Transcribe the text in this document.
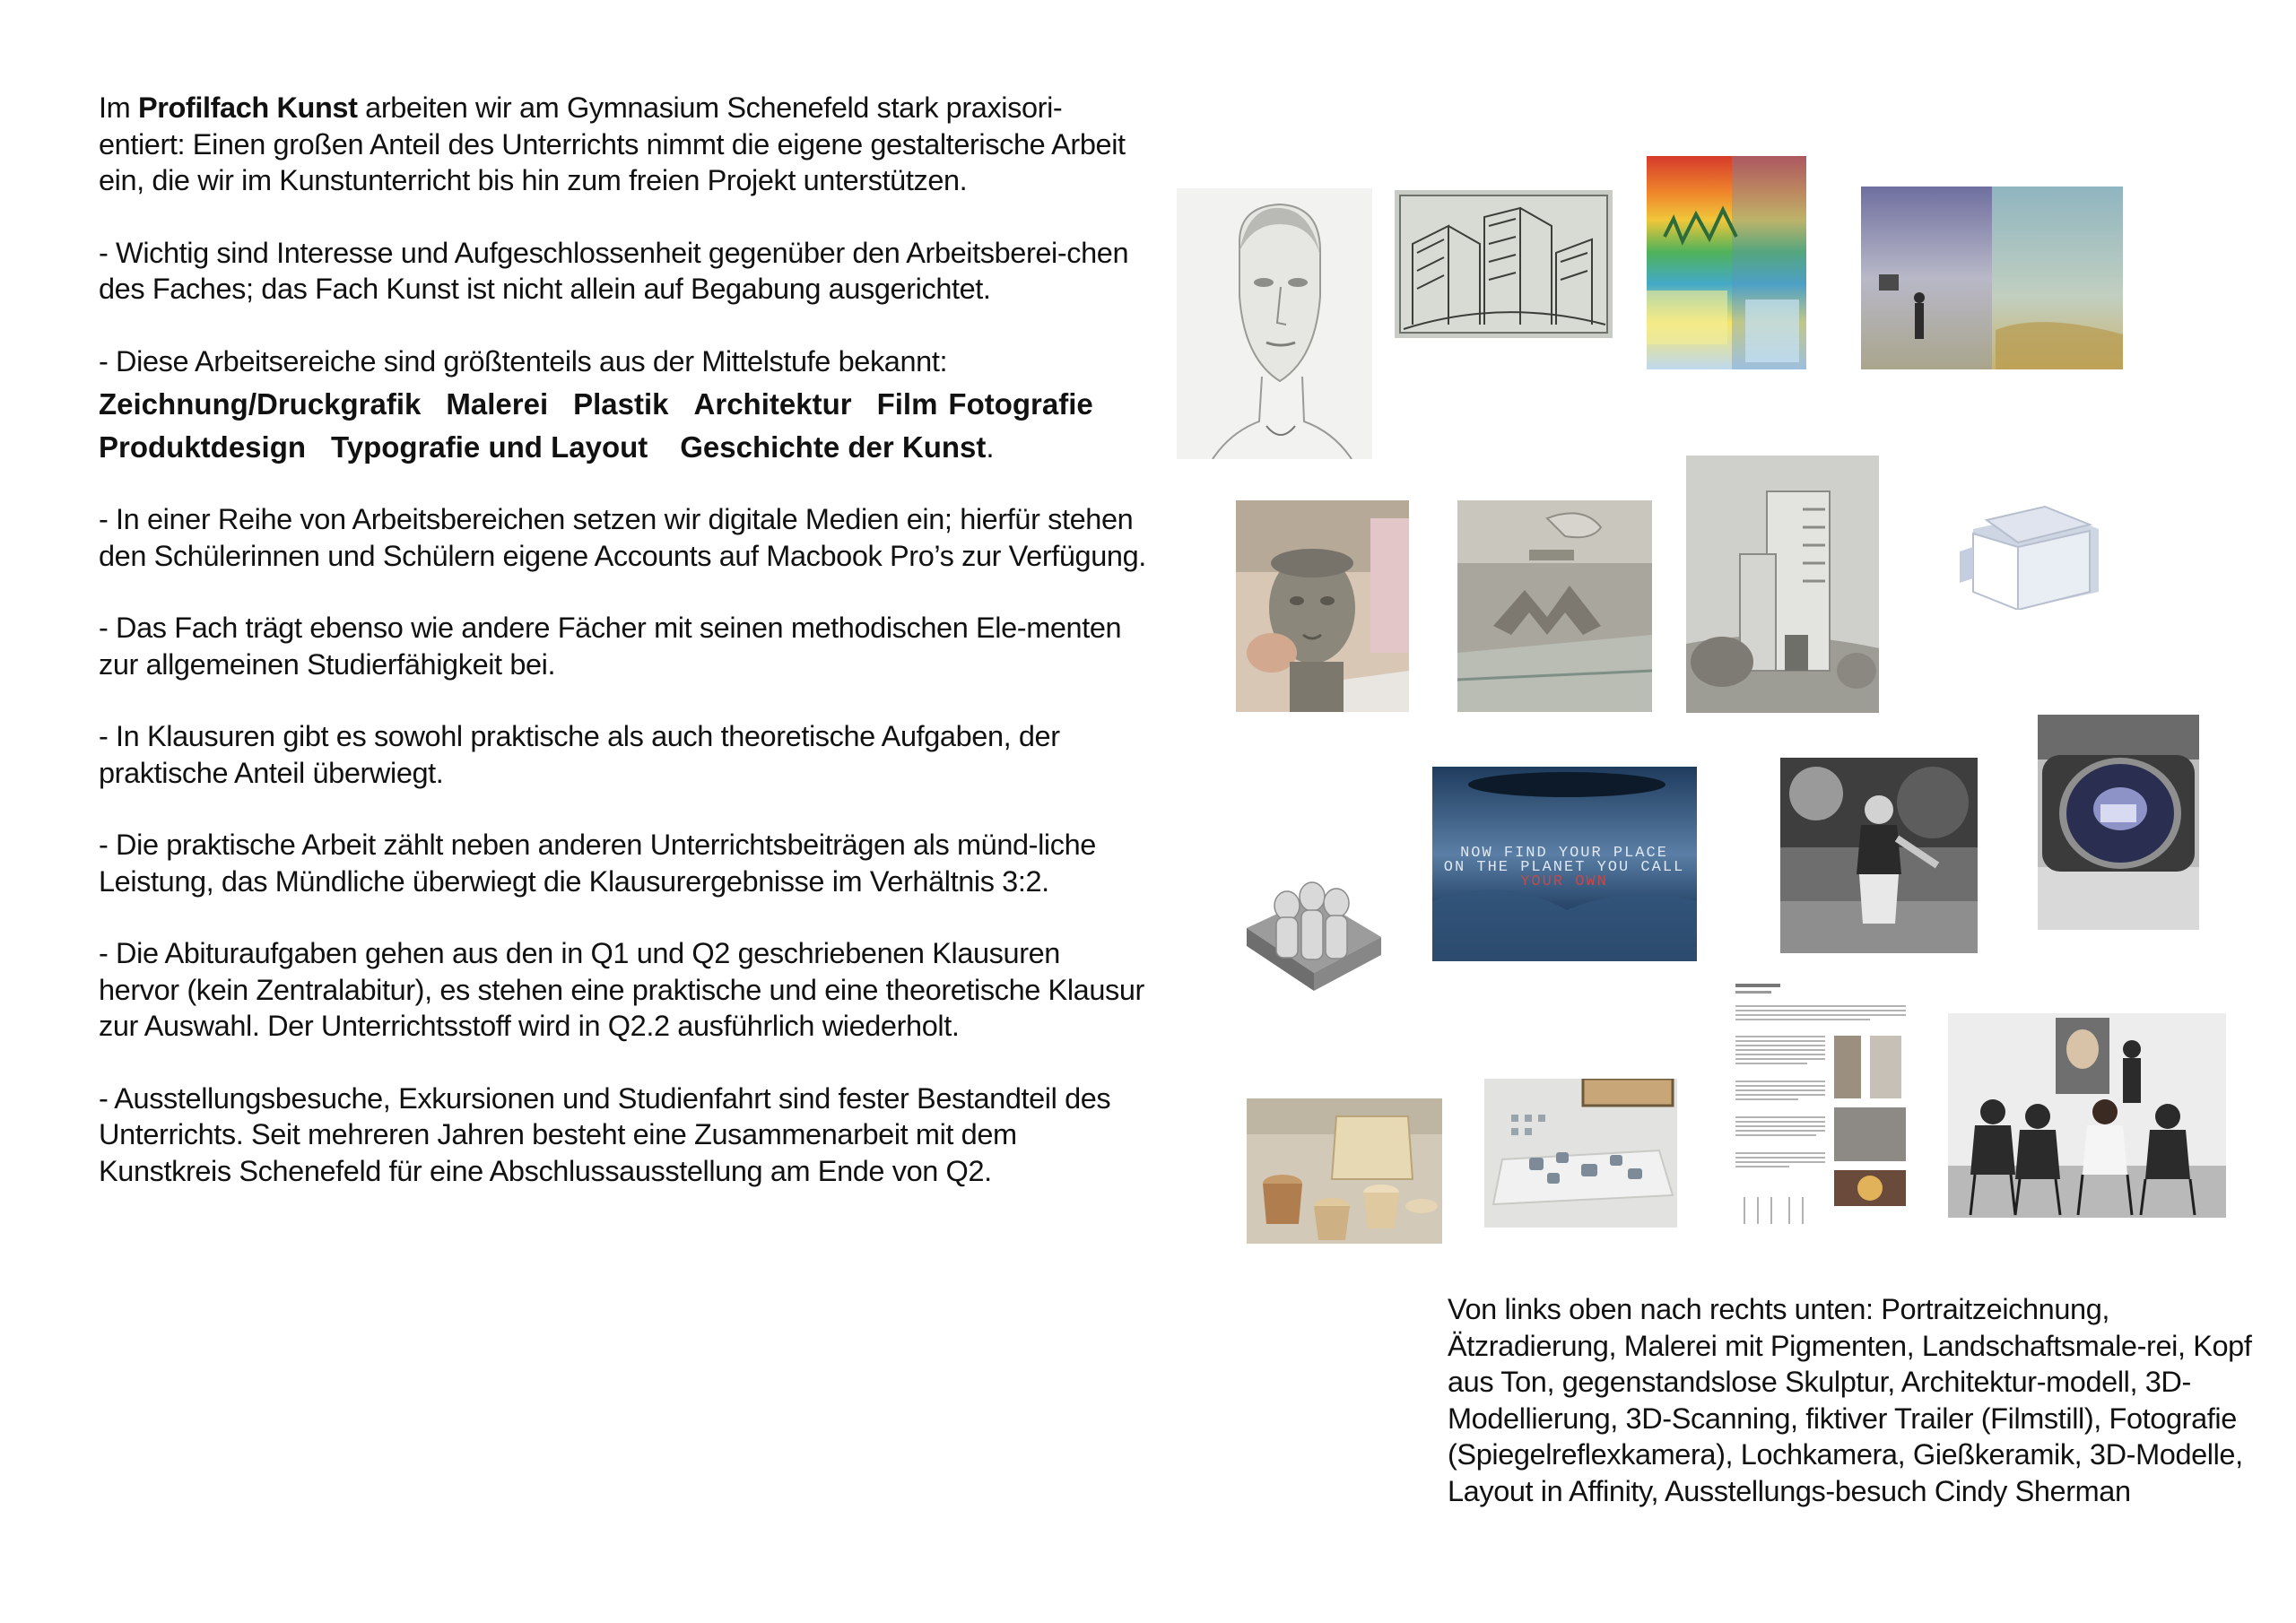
Im Profilfach Kunst arbeiten wir am Gymnasium Schenefeld stark praxisori-entiert: Einen großen Anteil des Unterrichts nimmt die eigene gestalterische Arbeit ein, die wir im Kunstunterricht bis hin zum freien Projekt unterstützen.

- Wichtig sind Interesse und Aufgeschlossenheit gegenüber den Arbeitsberei-chen des Faches; das Fach Kunst ist nicht allein auf Begabung ausgerichtet.

- Diese Arbeitsereiche sind größtenteils aus der Mittelstufe bekannt:

Zeichnung/Druckgrafik Malerei Plastik Architektur Film Fotografie
Produktdesign Typografie und Layout Geschichte der Kunst.

- In einer Reihe von Arbeitsbereichen setzen wir digitale Medien ein; hierfür stehen den Schülerinnen und Schülern eigene Accounts auf Macbook Pro’s zur Verfügung.

- Das Fach trägt ebenso wie andere Fächer mit seinen methodischen Ele-menten zur allgemeinen Studierfähigkeit bei.

- In Klausuren gibt es sowohl praktische als auch theoretische Aufgaben, der praktische Anteil überwiegt.

- Die praktische Arbeit zählt neben anderen Unterrichtsbeiträgen als münd-liche Leistung, das Mündliche überwiegt die Klausurergebnisse im Verhältnis 3:2.

- Die Abituraufgaben gehen aus den in Q1 und Q2 geschriebenen Klausuren hervor (kein Zentralabitur), es stehen eine praktische und eine theoretische Klausur zur Auswahl. Der Unterrichtsstoff wird in Q2.2 ausführlich wiederholt.

- Ausstellungsbesuche, Exkursionen und Studienfahrt sind fester Bestandteil des Unterrichts. Seit mehreren Jahren besteht eine Zusammenarbeit mit dem Kunstkreis Schenefeld für eine Abschlussausstellung am Ende von Q2.

NOW FIND YOUR PLACE
ON THE PLANET YOU CALL
YOUR OWN
Von links oben nach rechts unten: Portraitzeichnung, Ätzradierung, Malerei mit Pigmenten, Landschaftsmale-rei, Kopf aus Ton, gegenstandslose Skulptur, Architektur-modell, 3D-Modellierung, 3D-Scanning, fiktiver Trailer (Filmstill), Fotografie (Spiegelreflexkamera), Lochkamera, Gießkeramik, 3D-Modelle, Layout in Affinity, Ausstellungs-besuch Cindy Sherman
